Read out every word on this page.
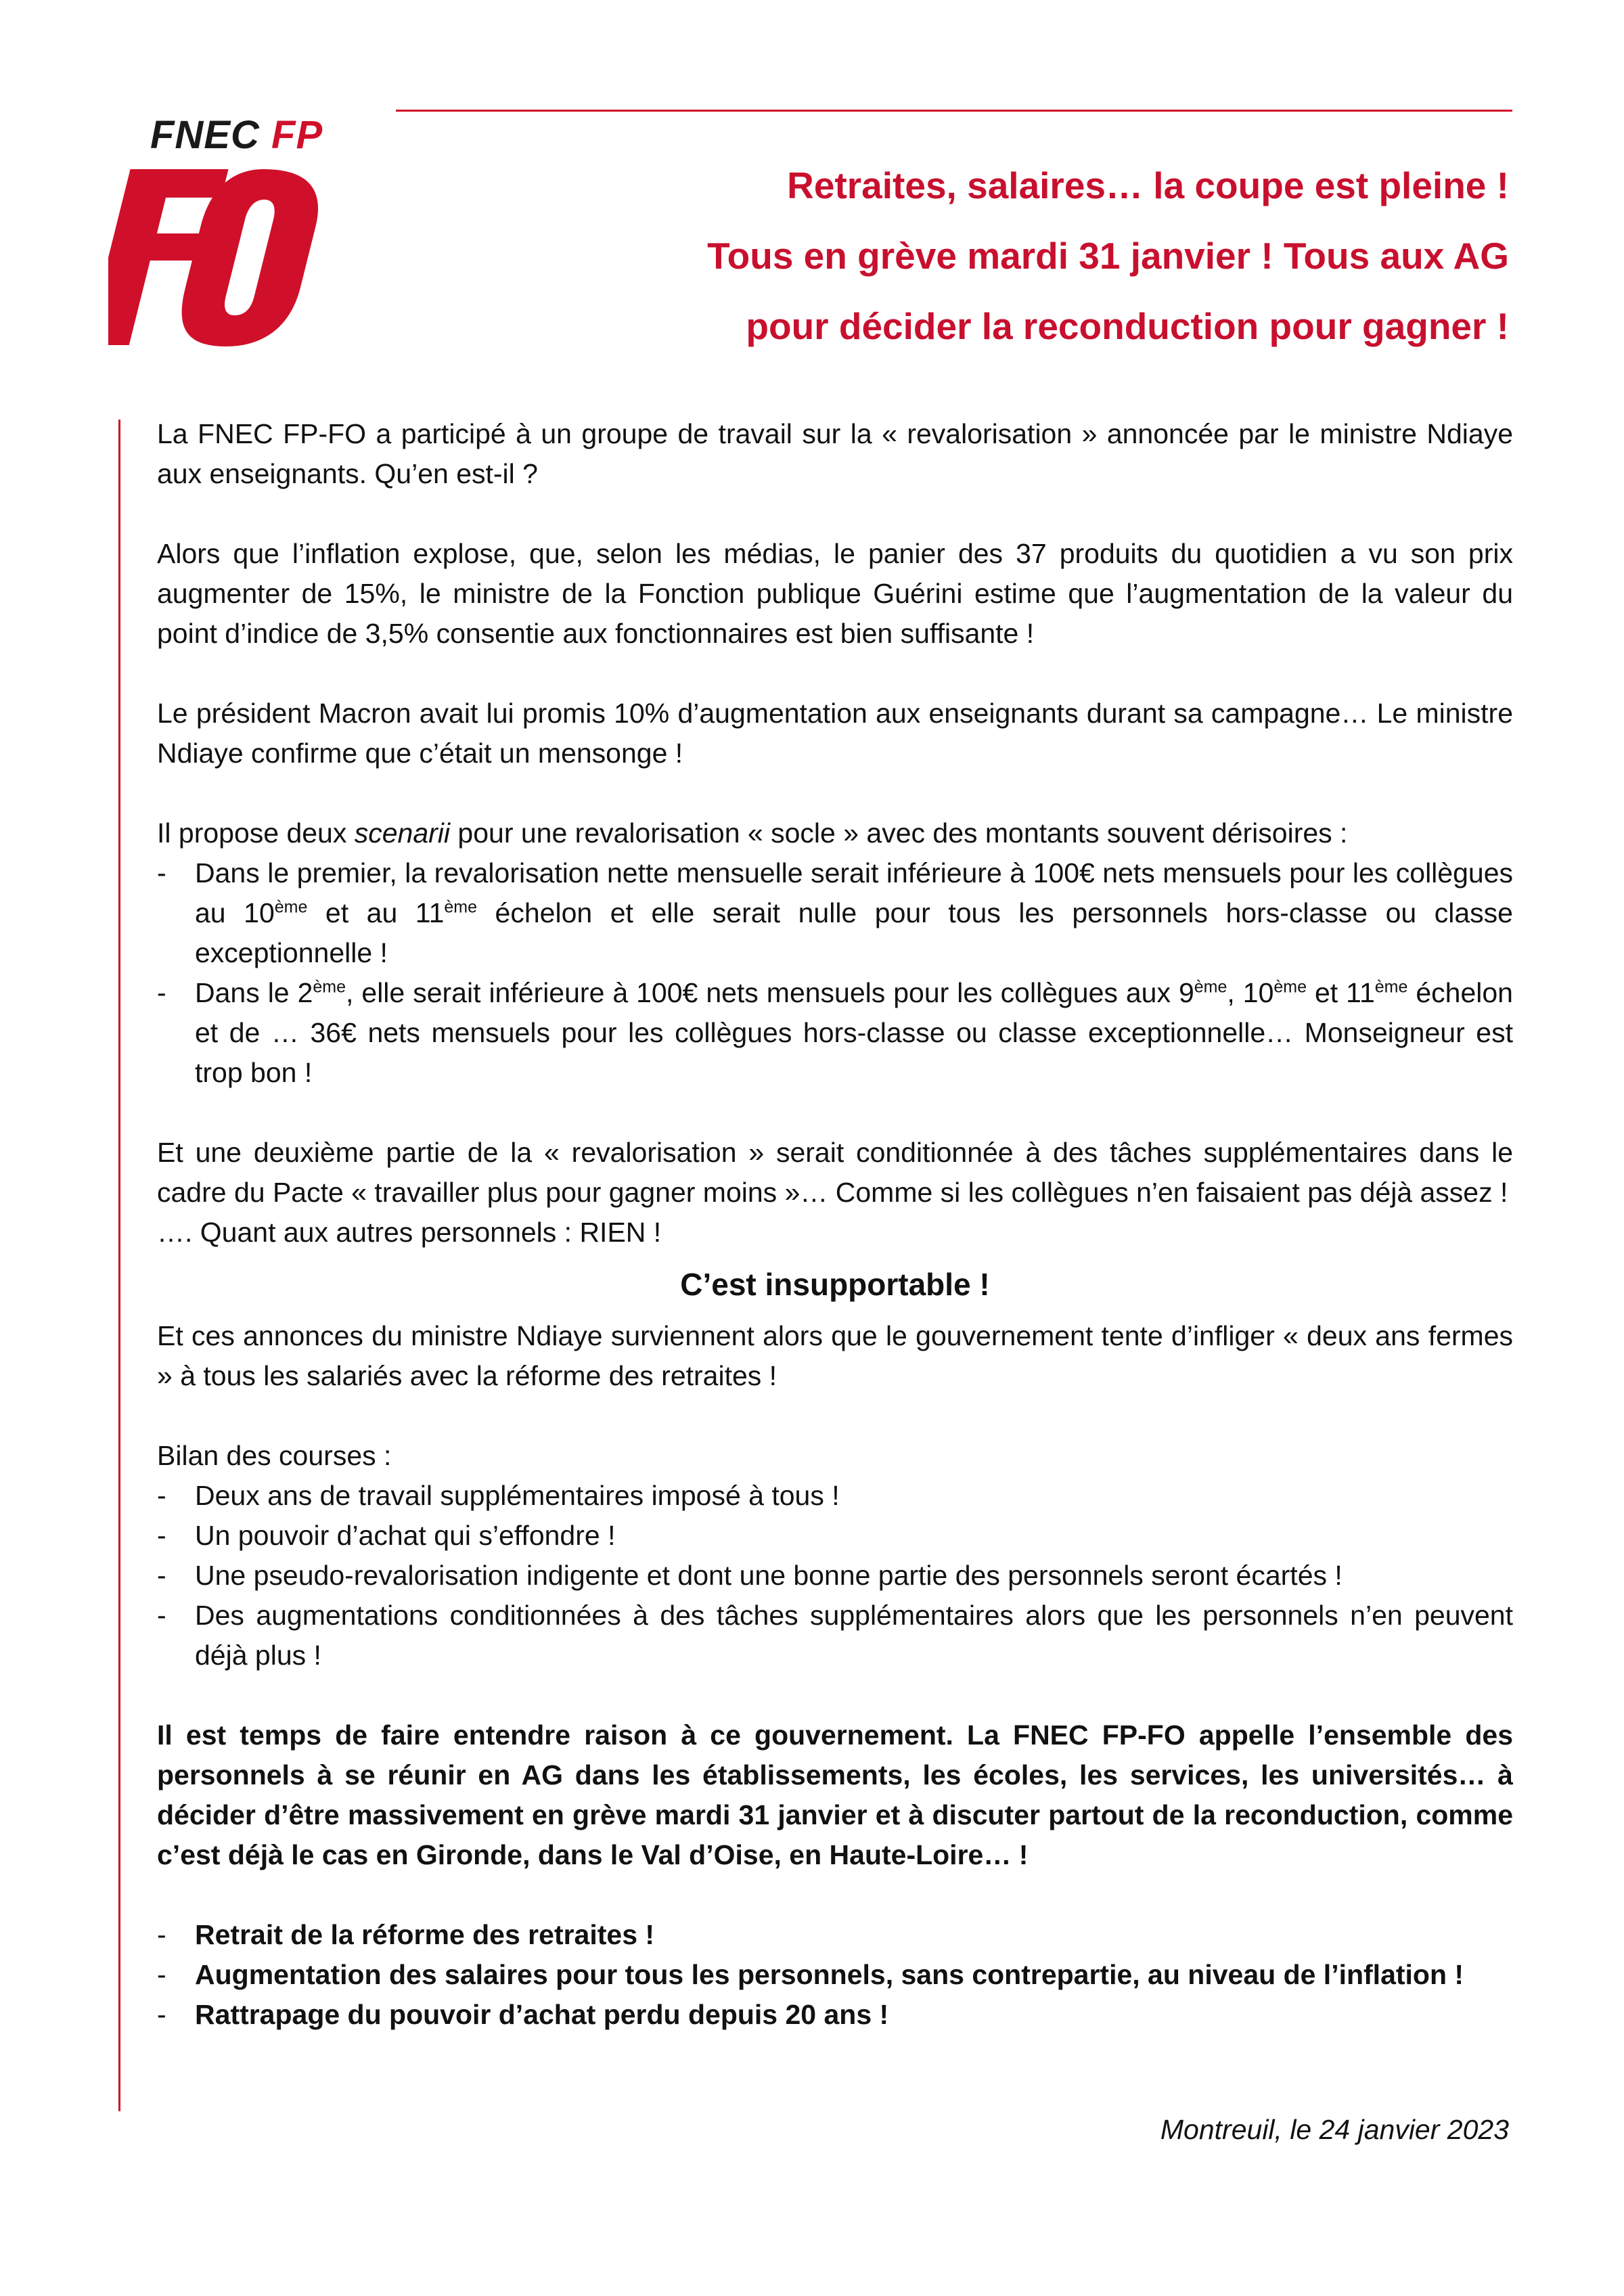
FNEC FP
Retraites, salaires… la coupe est pleine !
Tous en grève mardi 31 janvier ! Tous aux AG
pour décider la reconduction pour gagner !

La FNEC FP-FO a participé à un groupe de travail sur la « revalorisation » annoncée par le ministre Ndiaye aux enseignants. Qu’en est-il ?

Alors que l’inflation explose, que, selon les médias, le panier des 37 produits du quotidien a vu son prix augmenter de 15%, le ministre de la Fonction publique Guérini estime que l’augmentation de la valeur du point d’indice de 3,5% consentie aux fonctionnaires est bien suffisante !

Le président Macron avait lui promis 10% d’augmentation aux enseignants durant sa campagne… Le ministre Ndiaye confirme que c’était un mensonge !

Il propose deux scenarii pour une revalorisation « socle » avec des montants souvent dérisoires :

-	Dans le premier, la revalorisation nette mensuelle serait inférieure à 100€ nets mensuels pour les collègues au 10ème et au 11ème échelon et elle serait nulle pour tous les personnels hors-classe ou classe exceptionnelle !
-	Dans le 2ème, elle serait inférieure à 100€ nets mensuels pour les collègues aux 9ème, 10ème et 11ème échelon et de … 36€ nets mensuels pour les collègues hors-classe ou classe exceptionnelle… Monseigneur est trop bon !

Et une deuxième partie de la « revalorisation » serait conditionnée à des tâches supplémentaires dans le cadre du Pacte « travailler plus pour gagner moins »… Comme si les collègues n’en faisaient pas déjà assez !

…. Quant aux autres personnels : RIEN !

C’est insupportable !

Et ces annonces du ministre Ndiaye surviennent alors que le gouvernement tente d’infliger « deux ans fermes » à tous les salariés avec la réforme des retraites !

Bilan des courses :

-	Deux ans de travail supplémentaires imposé à tous !
-	Un pouvoir d’achat qui s’effondre !
-	Une pseudo-revalorisation indigente et dont une bonne partie des personnels seront écartés !
-	Des augmentations conditionnées à des tâches supplémentaires alors que les personnels n’en peuvent déjà plus !

Il est temps de faire entendre raison à ce gouvernement. La FNEC FP-FO appelle l’ensemble des personnels à se réunir en AG dans les établissements, les écoles, les services, les universités… à décider d’être massivement en grève mardi 31 janvier et à discuter partout de la reconduction, comme c’est déjà le cas en Gironde, dans le Val d’Oise, en Haute-Loire… !

-	Retrait de la réforme des retraites !
-	Augmentation des salaires pour tous les personnels, sans contrepartie, au niveau de l’inflation !
-	Rattrapage du pouvoir d’achat perdu depuis 20 ans !
Montreuil, le 24 janvier 2023
